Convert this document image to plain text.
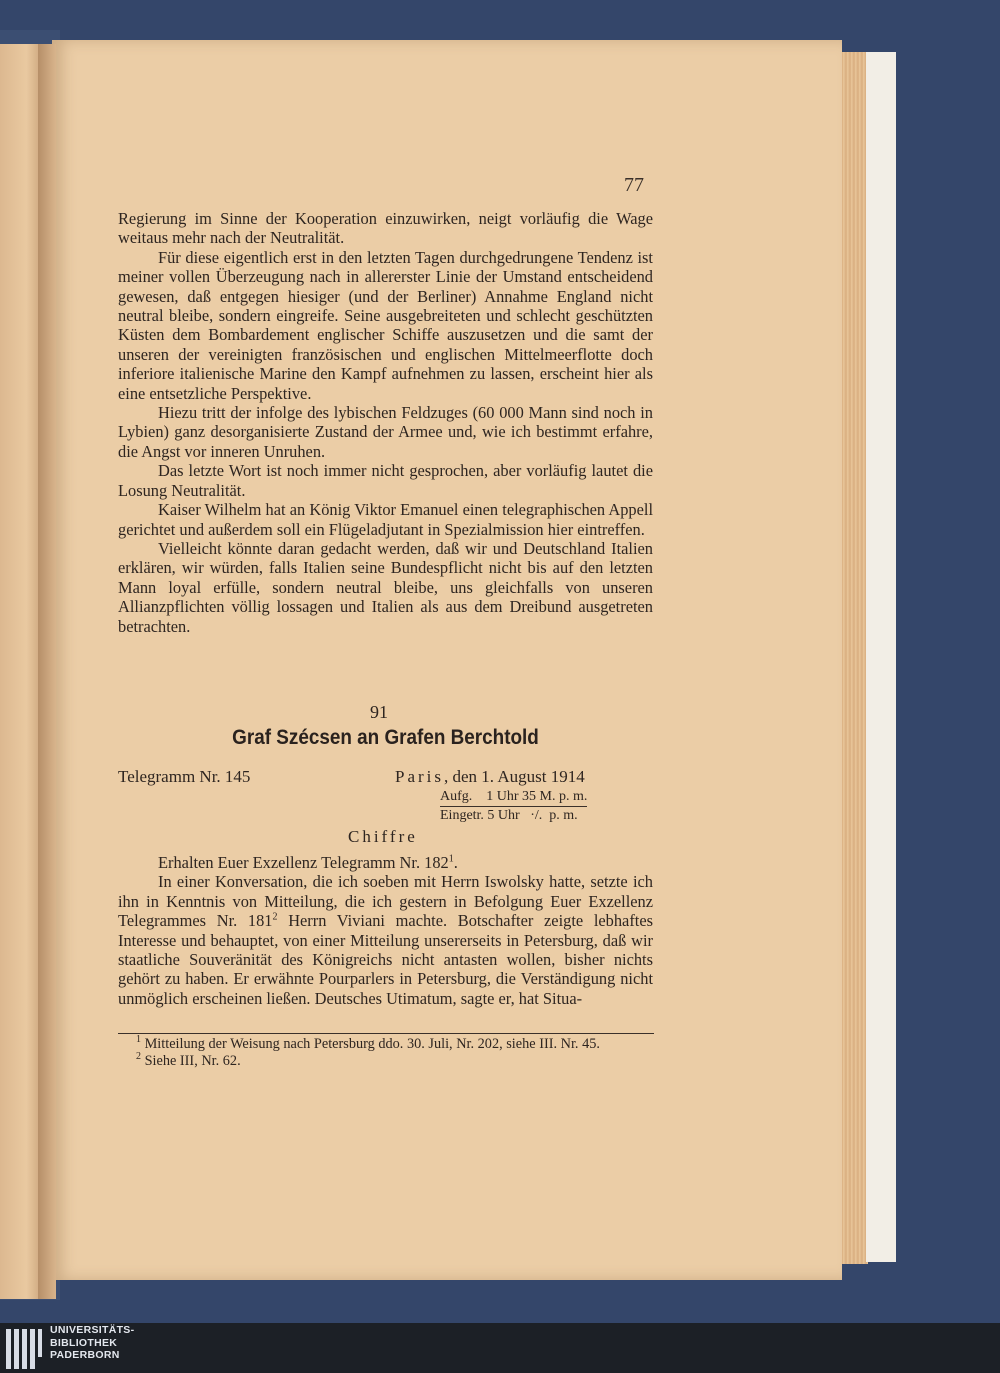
77

Regierung im Sinne der Kooperation einzuwirken, neigt vorläufig die Wage weitaus mehr nach der Neutralität.

Für diese eigentlich erst in den letzten Tagen durchgedrungene Tendenz ist meiner vollen Überzeugung nach in allererster Linie der Umstand entscheidend gewesen, daß entgegen hiesiger (und der Berliner) Annahme England nicht neutral bleibe, sondern eingreife. Seine ausgebreiteten und schlecht geschützten Küsten dem Bombardement englischer Schiffe auszusetzen und die samt der unseren der vereinigten französischen und englischen Mittelmeerflotte doch inferiore italienische Marine den Kampf aufnehmen zu lassen, erscheint hier als eine entsetzliche Perspektive.

Hiezu tritt der infolge des lybischen Feldzuges (60 000 Mann sind noch in Lybien) ganz desorganisierte Zustand der Armee und, wie ich bestimmt erfahre, die Angst vor inneren Unruhen.

Das letzte Wort ist noch immer nicht gesprochen, aber vorläufig lautet die Losung Neutralität.

Kaiser Wilhelm hat an König Viktor Emanuel einen telegraphischen Appell gerichtet und außerdem soll ein Flügeladjutant in Spezialmission hier eintreffen.

Vielleicht könnte daran gedacht werden, daß wir und Deutschland Italien erklären, wir würden, falls Italien seine Bundespflicht nicht bis auf den letzten Mann loyal erfülle, sondern neutral bleibe, uns gleichfalls von unseren Allianzpflichten völlig lossagen und Italien als aus dem Dreibund ausgetreten betrachten.

91
Graf Szécsen an Grafen Berchtold
Telegramm Nr. 145	Paris, den 1. August 1914
Aufg.    1 Uhr 35 M. p. m.
Eingetr. 5 Uhr   ·/.  p. m.
Chiffre

Erhalten Euer Exzellenz Telegramm Nr. $182^1$.

In einer Konversation, die ich soeben mit Herrn Iswolsky hatte, setzte ich ihn in Kenntnis von Mitteilung, die ich gestern in Befolgung Euer Exzellenz Telegrammes Nr. $181^2$ Herrn Viviani machte. Botschafter zeigte lebhaftes Interesse und behauptet, von einer Mitteilung unsererseits in Petersburg, daß wir staatliche Souveränität des Königreichs nicht antasten wollen, bisher nichts gehört zu haben. Er erwähnte Pourparlers in Petersburg, die Verständigung nicht unmöglich erscheinen ließen. Deutsches Utimatum, sagte er, hat Situa-

$^1$ Mitteilung der Weisung nach Petersburg ddo. 30. Juli, Nr. 202, siehe III. Nr. 45.

$^2$ Siehe III, Nr. 62.

UNIVERSITÄTS-
BIBLIOTHEK
PADERBORN
